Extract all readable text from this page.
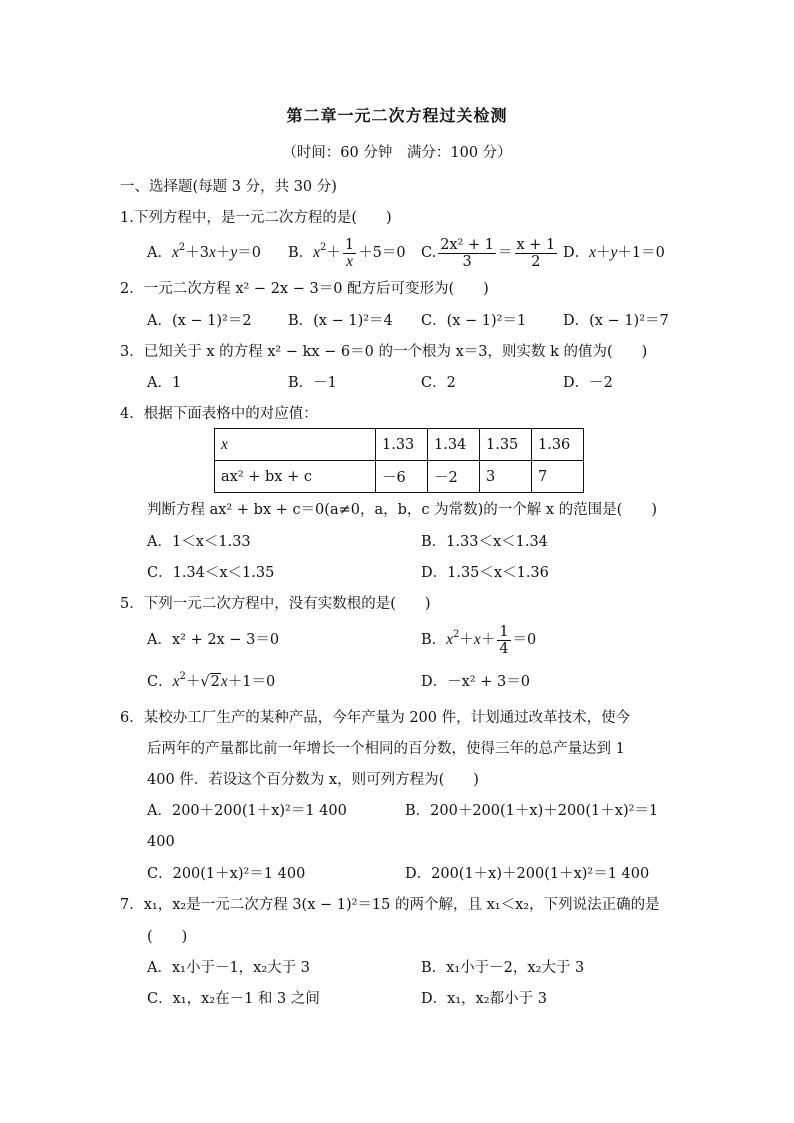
第二章一元二次方程过关检测
（时间：60 分钟　满分：100 分）
一、选择题(每题 3 分，共 30 分)
1.下列方程中，是一元二次方程的是(　　)
A．$x^2+3x+y=0$ B．$x^2+ \frac{1}{x} +5=0$ C. $\frac{\text{2x² + 1}}{3} = \frac{x + 1}{2}$ D．x＋y＋1＝0
2．一元二次方程 x² − 2x − 3＝0 配方后可变形为(　　)
A．(x − 1)²＝2	B．(x − 1)²＝4 C．(x − 1)²＝1	D．(x − 1)²＝7
3．已知关于 x 的方程 x² − kx − 6＝0 的一个根为 x＝3，则实数 k 的值为(　　)
A．1	B．－1	C．2	D．－2
4．根据下面表格中的对应值：
x	1.33	1.34	1.35	1.36
ax² + bx + c	－6	－2	3	7
判断方程 ax² + bx + c＝0(a≠0，a，b，c 为常数)的一个解 x 的范围是(　　)
A．1＜x＜1.33	B．1.33＜x＜1.34
C．1.34＜x＜1.35	D．1.35＜x＜1.36
5．下列一元二次方程中，没有实数根的是(　　)
A．x² + 2x − 3＝0	B．$x^2+x+ \frac{1}{4} =0$
C．$x^2+√2x+1=0$	D．－x² + 3＝0
6．某校办工厂生产的某种产品，今年产量为 200 件，计划通过改革技术，使今
后两年的产量都比前一年增长一个相同的百分数，使得三年的总产量达到 1
400 件．若设这个百分数为 x，则可列方程为(　　)
A．200＋200(1＋x)²＝1 400	B．200＋200(1＋x)＋200(1＋x)²＝1
400
C．200(1＋x)²＝1 400	D．200(1＋x)＋200(1＋x)²＝1 400
7．x₁，x₂是一元二次方程 3(x − 1)²＝15 的两个解，且 x₁＜x₂，下列说法正确的是
(　　)
A．x₁小于－1，x₂大于 3	B．x₁小于－2，x₂大于 3
C．x₁，x₂在－1 和 3 之间	D．x₁，x₂都小于 3
